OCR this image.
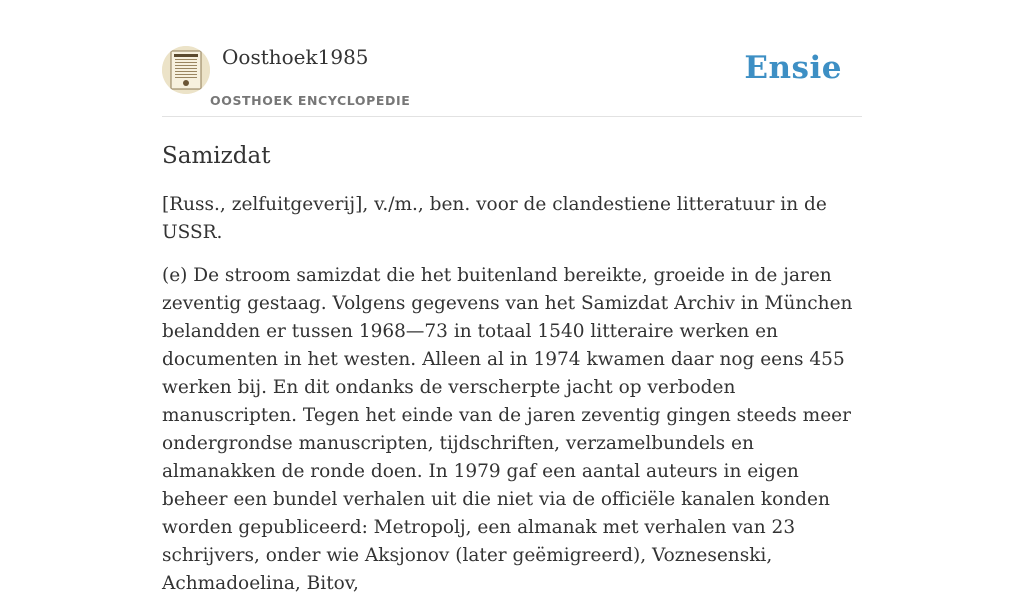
Oosthoek1985
OOSTHOEK ENCYCLOPEDIE
Ensie
Samizdat

[Russ., zelfuitgeverij], v./m., ben. voor de clandestiene litteratuur in de USSR.

(e) De stroom samizdat die het buitenland bereikte, groeide in de jaren zeventig gestaag. Volgens gegevens van het Samizdat Archiv in München belandden er tussen 1968—73 in totaal 1540 litteraire werken en documenten in het westen. Alleen al in 1974 kwamen daar nog eens 455 werken bij. En dit ondanks de verscherpte jacht op verboden manuscripten. Tegen het einde van de jaren zeventig gingen steeds meer ondergrondse manuscripten, tijdschriften, verzamelbundels en almanakken de ronde doen. In 1979 gaf een aantal auteurs in eigen beheer een bundel verhalen uit die niet via de officiële kanalen konden worden gepubliceerd: Metropolj, een almanak met verhalen van 23 schrijvers, onder wie Aksjonov (later geëmigreerd), Voznesenski, Achmadoelina, Bitov,
